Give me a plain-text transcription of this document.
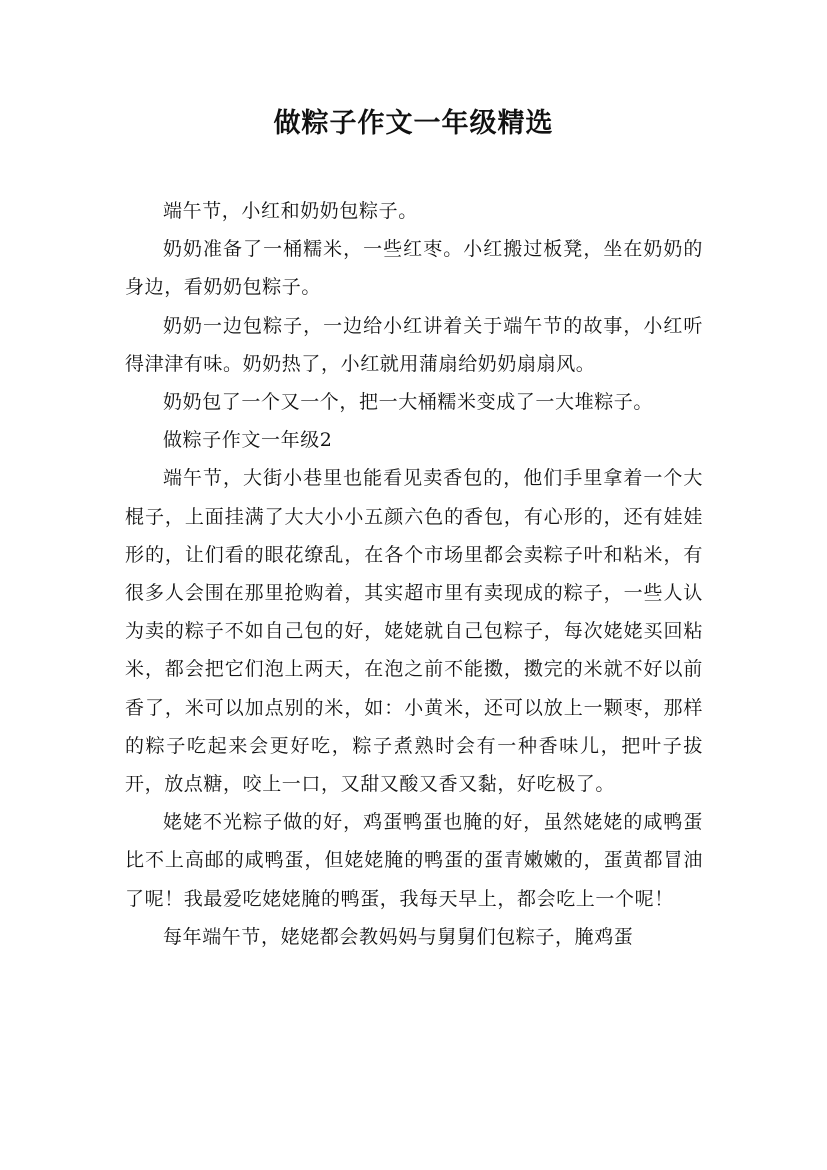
做粽子作文一年级精选

端午节，小红和奶奶包粽子。

奶奶准备了一桶糯米，一些红枣。小红搬过板凳，坐在奶奶的身边，看奶奶包粽子。

奶奶一边包粽子，一边给小红讲着关于端午节的故事，小红听得津津有味。奶奶热了，小红就用蒲扇给奶奶扇扇风。

奶奶包了一个又一个，把一大桶糯米变成了一大堆粽子。

做粽子作文一年级2

端午节，大街小巷里也能看见卖香包的，他们手里拿着一个大棍子，上面挂满了大大小小五颜六色的香包，有心形的，还有娃娃形的，让们看的眼花缭乱，在各个市场里都会卖粽子叶和粘米，有很多人会围在那里抢购着，其实超市里有卖现成的粽子，一些人认为卖的粽子不如自己包的好，姥姥就自己包粽子，每次姥姥买回粘米，都会把它们泡上两天，在泡之前不能擞，擞完的米就不好以前香了，米可以加点别的米，如：小黄米，还可以放上一颗枣，那样的粽子吃起来会更好吃，粽子煮熟时会有一种香味儿，把叶子拔开，放点糖，咬上一口，又甜又酸又香又黏，好吃极了。

姥姥不光粽子做的好，鸡蛋鸭蛋也腌的好，虽然姥姥的咸鸭蛋比不上高邮的咸鸭蛋，但姥姥腌的鸭蛋的蛋青嫩嫩的，蛋黄都冒油了呢！我最爱吃姥姥腌的鸭蛋，我每天早上，都会吃上一个呢！

每年端午节，姥姥都会教妈妈与舅舅们包粽子，腌鸡蛋
